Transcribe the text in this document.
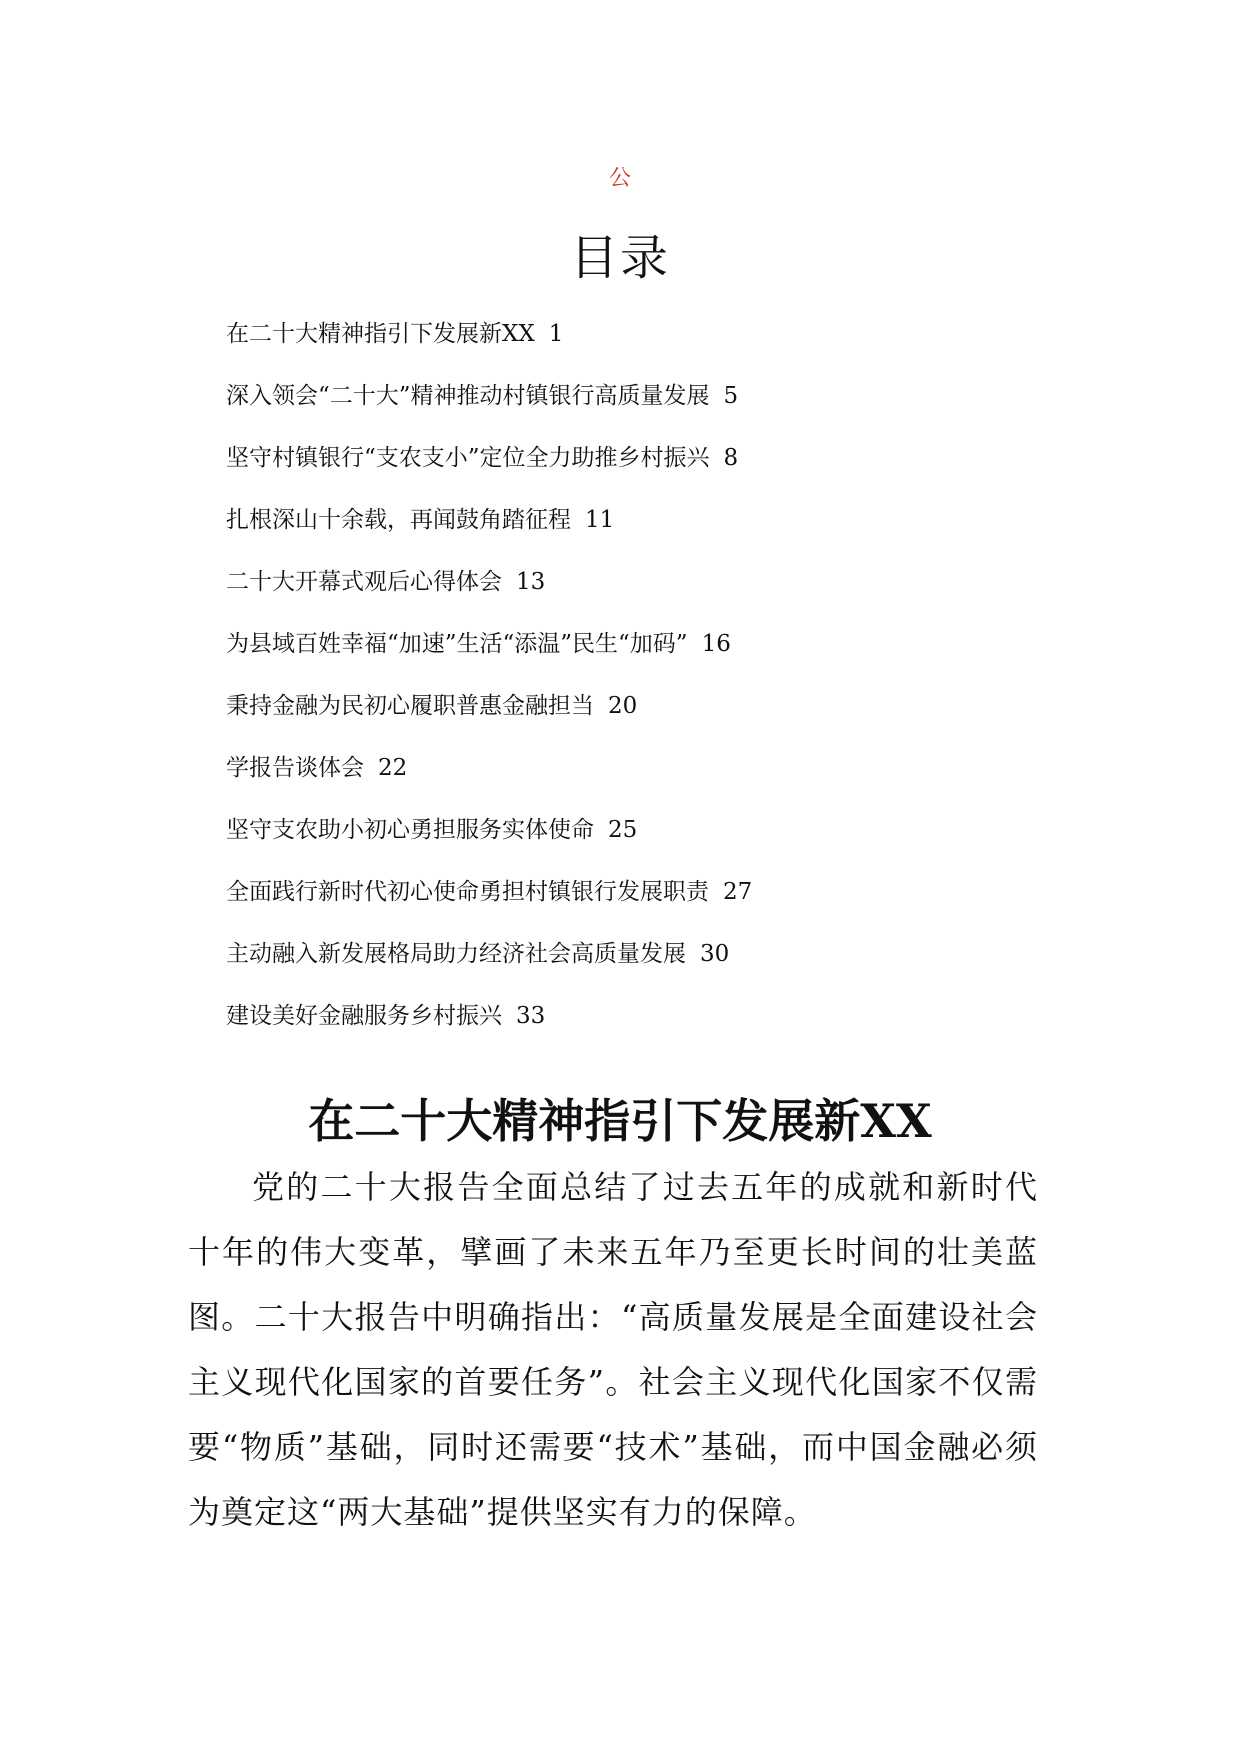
公
目录
在二十大精神指引下发展新XX 1
深入领会“二十大”精神推动村镇银行高质量发展 5
坚守村镇银行“支农支小”定位全力助推乡村振兴 8
扎根深山十余载，再闻鼓角踏征程 11
二十大开幕式观后心得体会 13
为县域百姓幸福“加速”生活“添温”民生“加码” 16
秉持金融为民初心履职普惠金融担当 20
学报告谈体会 22
坚守支农助小初心勇担服务实体使命 25
全面践行新时代初心使命勇担村镇银行发展职责 27
主动融入新发展格局助力经济社会高质量发展 30
建设美好金融服务乡村振兴 33
在二十大精神指引下发展新XX

党的二十大报告全面总结了过去五年的成就和新时代十年的伟大变革，擘画了未来五年乃至更长时间的壮美蓝图。二十大报告中明确指出：“高质量发展是全面建设社会主义现代化国家的首要任务”。社会主义现代化国家不仅需要“物质”基础，同时还需要“技术”基础，而中国金融必须为奠定这“两大基础”提供坚实有力的保障。
